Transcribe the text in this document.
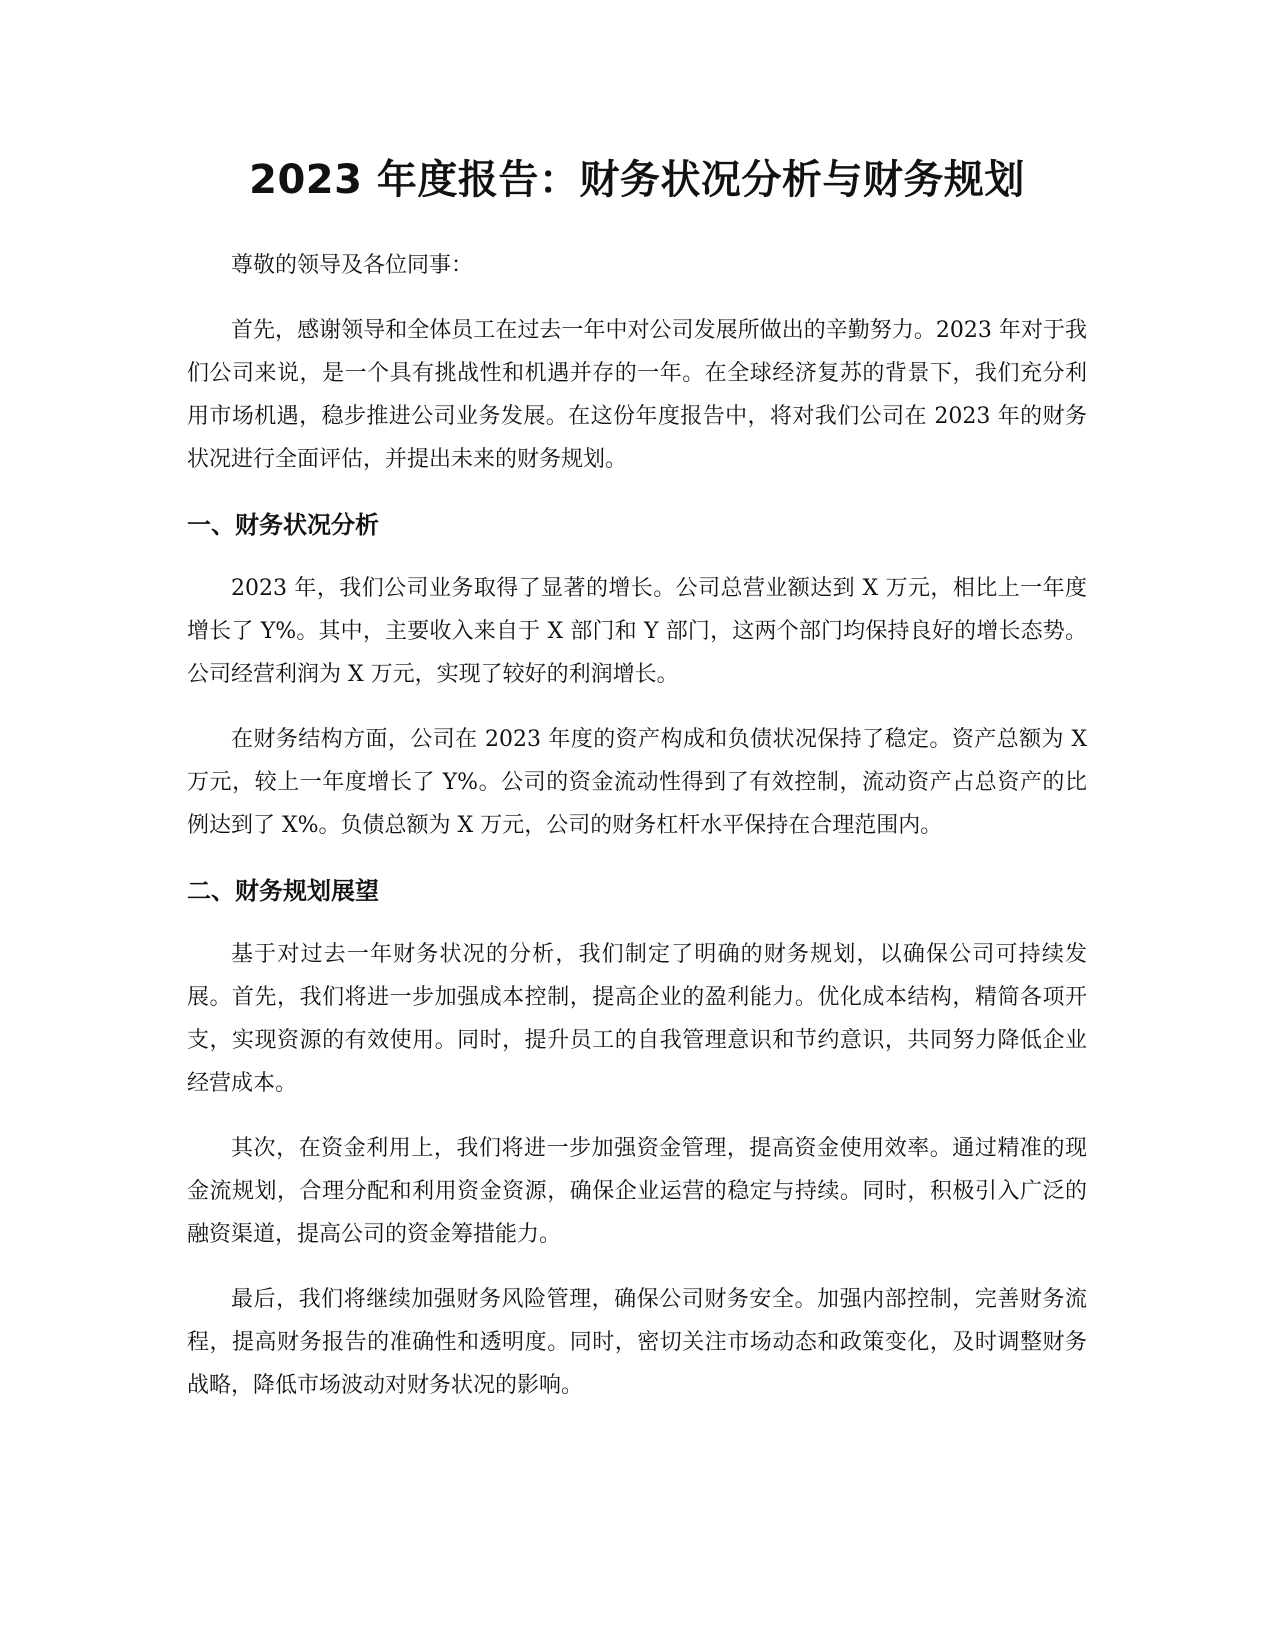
2023 年度报告：财务状况分析与财务规划

尊敬的领导及各位同事：

首先，感谢领导和全体员工在过去一年中对公司发展所做出的辛勤努力。2023 年对于我们公司来说，是一个具有挑战性和机遇并存的一年。在全球经济复苏的背景下，我们充分利用市场机遇，稳步推进公司业务发展。在这份年度报告中，将对我们公司在 2023 年的财务状况进行全面评估，并提出未来的财务规划。

一、财务状况分析

2023 年，我们公司业务取得了显著的增长。公司总营业额达到 X 万元，相比上一年度增长了 Y%。其中，主要收入来自于 X 部门和 Y 部门，这两个部门均保持良好的增长态势。公司经营利润为 X 万元，实现了较好的利润增长。

在财务结构方面，公司在 2023 年度的资产构成和负债状况保持了稳定。资产总额为 X 万元，较上一年度增长了 Y%。公司的资金流动性得到了有效控制，流动资产占总资产的比例达到了 X%。负债总额为 X 万元，公司的财务杠杆水平保持在合理范围内。

二、财务规划展望

基于对过去一年财务状况的分析，我们制定了明确的财务规划，以确保公司可持续发展。首先，我们将进一步加强成本控制，提高企业的盈利能力。优化成本结构，精简各项开支，实现资源的有效使用。同时，提升员工的自我管理意识和节约意识，共同努力降低企业经营成本。

其次，在资金利用上，我们将进一步加强资金管理，提高资金使用效率。通过精准的现金流规划，合理分配和利用资金资源，确保企业运营的稳定与持续。同时，积极引入广泛的融资渠道，提高公司的资金筹措能力。

最后，我们将继续加强财务风险管理，确保公司财务安全。加强内部控制，完善财务流程，提高财务报告的准确性和透明度。同时，密切关注市场动态和政策变化，及时调整财务战略，降低市场波动对财务状况的影响。
